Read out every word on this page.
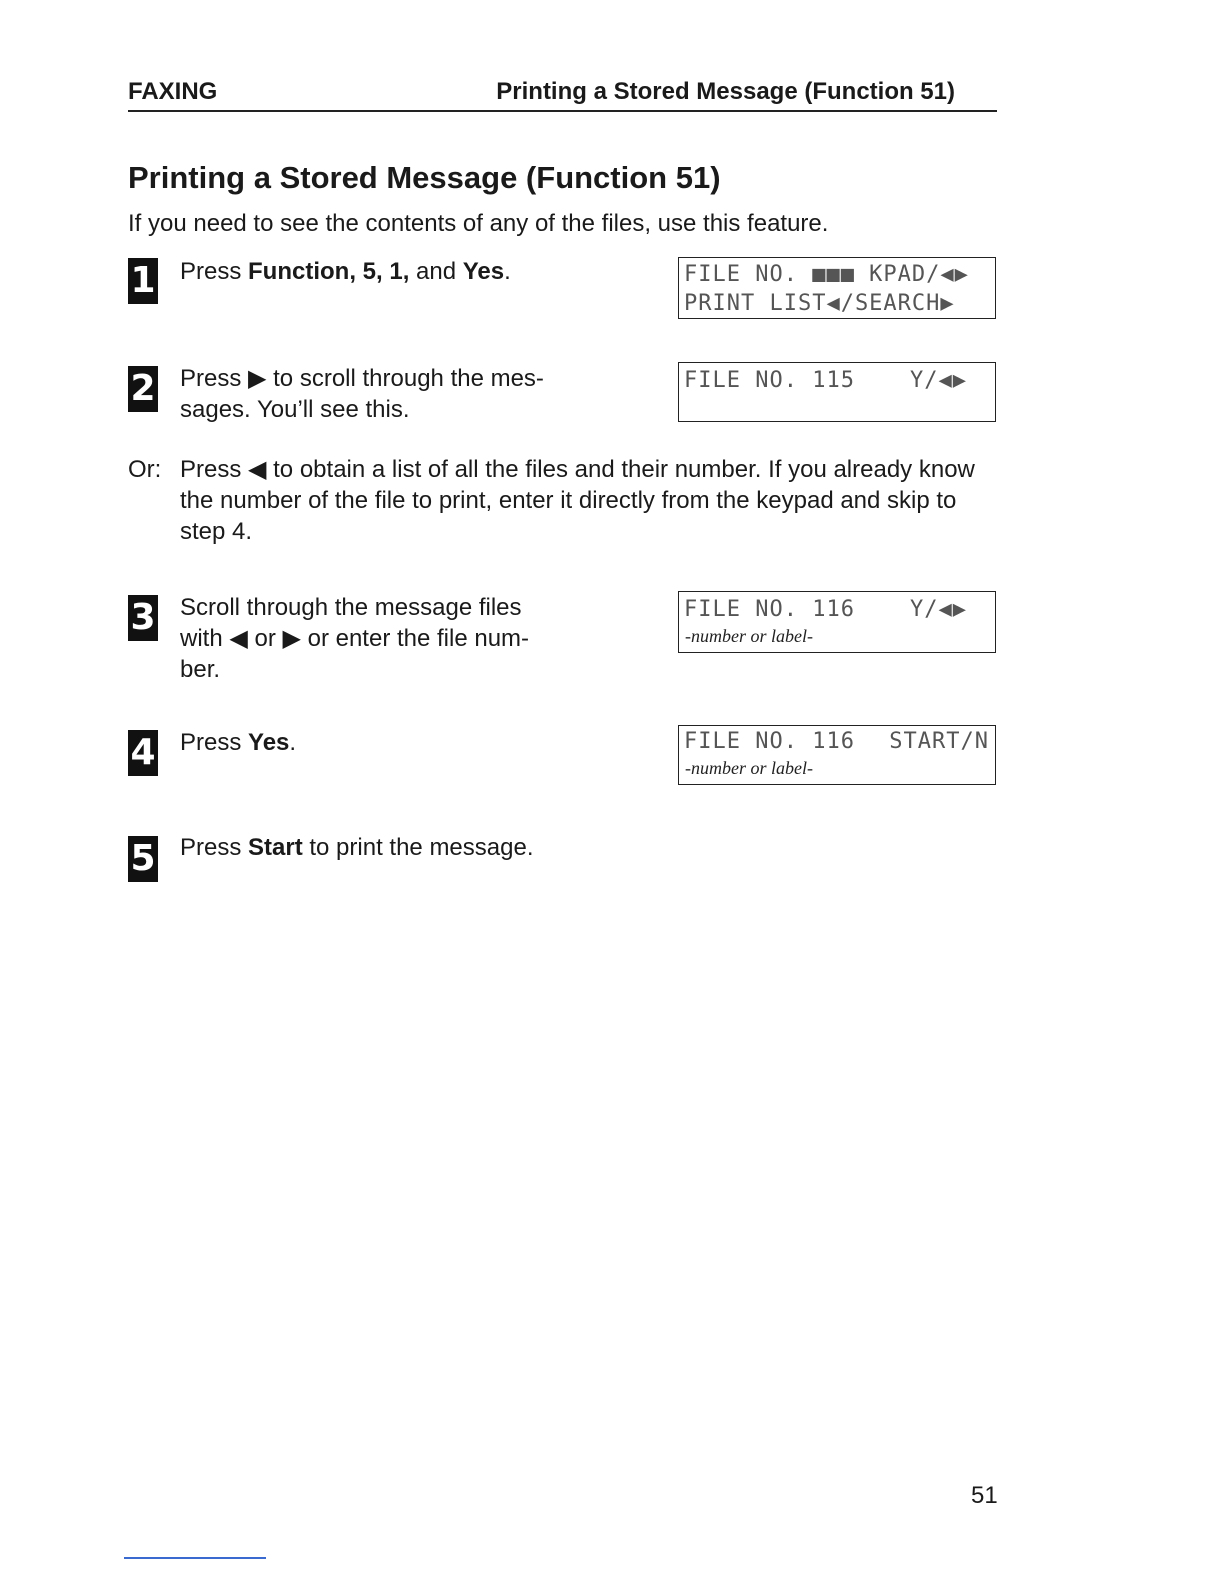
FAXING	Printing a Stored Message (Function 51)
Printing a Stored Message (Function 51)
If you need to see the contents of any of the files, use this feature.
1 Press Function, 5, 1, and Yes.	FILE NO. ■■■ KPAD/◀▶
PRINT LIST◀/SEARCH▶
2 Press ▶ to scroll through the mes-
sages. You’ll see this.
FILE NO. 115	Y/◀▶
Or: Press ◀ to obtain a list of all the files and their number. If you already know the number of the file to print, enter it directly from the keypad and skip to step 4.
3 Scroll through the message files with ◀ or ▶ or enter the file num-
ber.
FILE NO. 116	Y/◀▶
-number or label-
4 Press Yes.	FILE NO. 116 START/N
-number or label-
5 Press Start to print the message.
51
